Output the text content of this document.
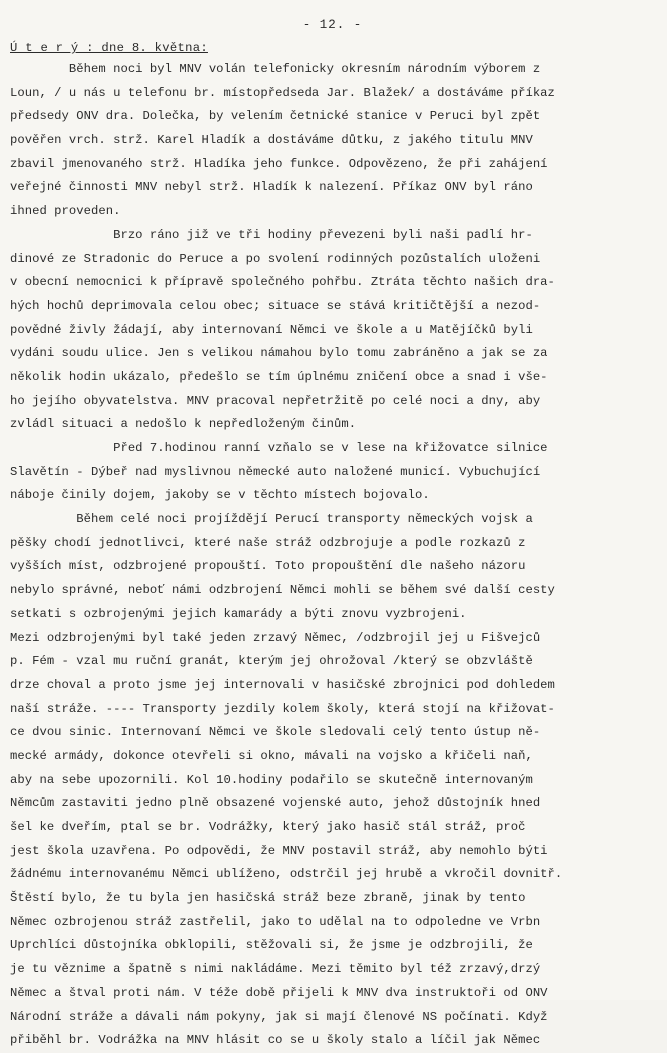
- 12. -
Ú t e r ý : dne 8. května:
Během noci byl MNV volán telefonicky okresním národním výborem z
Loun, / u nás u telefonu br. místopředseda Jar. Blažek/ a dostáváme příkaz
předsedy ONV dra. Dolečka, by velením četnické stanice v Peruci byl zpět
pověřen vrch. strž. Karel Hladík a dostáváme důtku, z jakého titulu MNV
zbavil jmenovaného strž. Hladíka jeho funkce. Odpovězeno, že při zahájení
veřejné činnosti MNV nebyl strž. Hladík k nalezení. Příkaz ONV byl ráno
ihned proveden.
Brzo ráno již ve tři hodiny převezeni byli naši padlí hr-
dinové ze Stradonic do Peruce a po svolení rodinných pozůstalích uloženi
v obecní nemocnici k přípravě společného pohřbu. Ztráta těchto našich dra-
hých hochů deprimovala celou obec; situace se stává kritičtější a nezod-
povědné živly žádají, aby internovaní Němci ve škole a u Matějíčků byli
vydáni soudu ulice. Jen s velikou námahou bylo tomu zabráněno a jak se za
několik hodin ukázalo, předešlo se tím úplnému zničení obce a snad i vše-
ho jejího obyvatelstva. MNV pracoval nepřetržitě po celé noci a dny, aby
zvládl situaci a nedošlo k nepředloženým činům.
Před 7.hodinou ranní vzňalo se v lese na křižovatce silnice
Slavětín - Dýbeř nad myslivnou německé auto naložené municí. Vybuchující
náboje činily dojem, jakoby se v těchto místech bojovalo.
Během celé noci projíždějí Perucí transporty německých vojsk a
pěšky chodí jednotlivci, které naše stráž odzbrojuje a podle rozkazů z
vyšších míst, odzbrojené propouští. Toto propouštění dle našeho názoru
nebylo správné, neboť námi odzbrojení Němci mohli se během své další cesty
setkati s ozbrojenými jejich kamarády a býti znovu vyzbrojeni.
Mezi odzbrojenými byl také jeden zrzavý Němec, /odzbrojil jej u Fišvejců
p. Fém - vzal mu ruční granát, kterým jej ohrožoval /který se obzvláště
drze choval a proto jsme jej internovali v hasičské zbrojnici pod dohledem
naší stráže. ---- Transporty jezdily kolem školy, která stojí na křižovat-
ce dvou sinic. Internovaní Němci ve škole sledovali celý tento ústup ně-
mecké armády, dokonce otevřeli si okno, mávali na vojsko a křičeli naň,
aby na sebe upozornili. Kol 10.hodiny podařilo se skutečně internovaným
Němcům zastaviti jedno plně obsazené vojenské auto, jehož důstojník hned
šel ke dveřím, ptal se br. Vodrážky, který jako hasič stál stráž, proč
jest škola uzavřena. Po odpovědi, že MNV postavil stráž, aby nemohlo býti
žádnému internovanému Němci ublíženo, odstrčil jej hrubě a vkročil dovnitř.
Štěstí bylo, že tu byla jen hasičská stráž beze zbraně, jinak by tento
Němec ozbrojenou stráž zastřelil, jako to udělal na to odpoledne ve Vrbn
Uprchlíci důstojníka obklopili, stěžovali si, že jsme je odzbrojili, že
je tu věznime a špatně s nimi nakládáme. Mezi těmito byl též zrzavý,drzý
Němec a štval proti nám. V téže době přijeli k MNV dva instruktoři od ONV
Národní stráže a dávali nám pokyny, jak si mají členové NS počínati. Když
přiběhl br. Vodrážka na MNV hlásit co se u školy stalo a líčil jak Němec
